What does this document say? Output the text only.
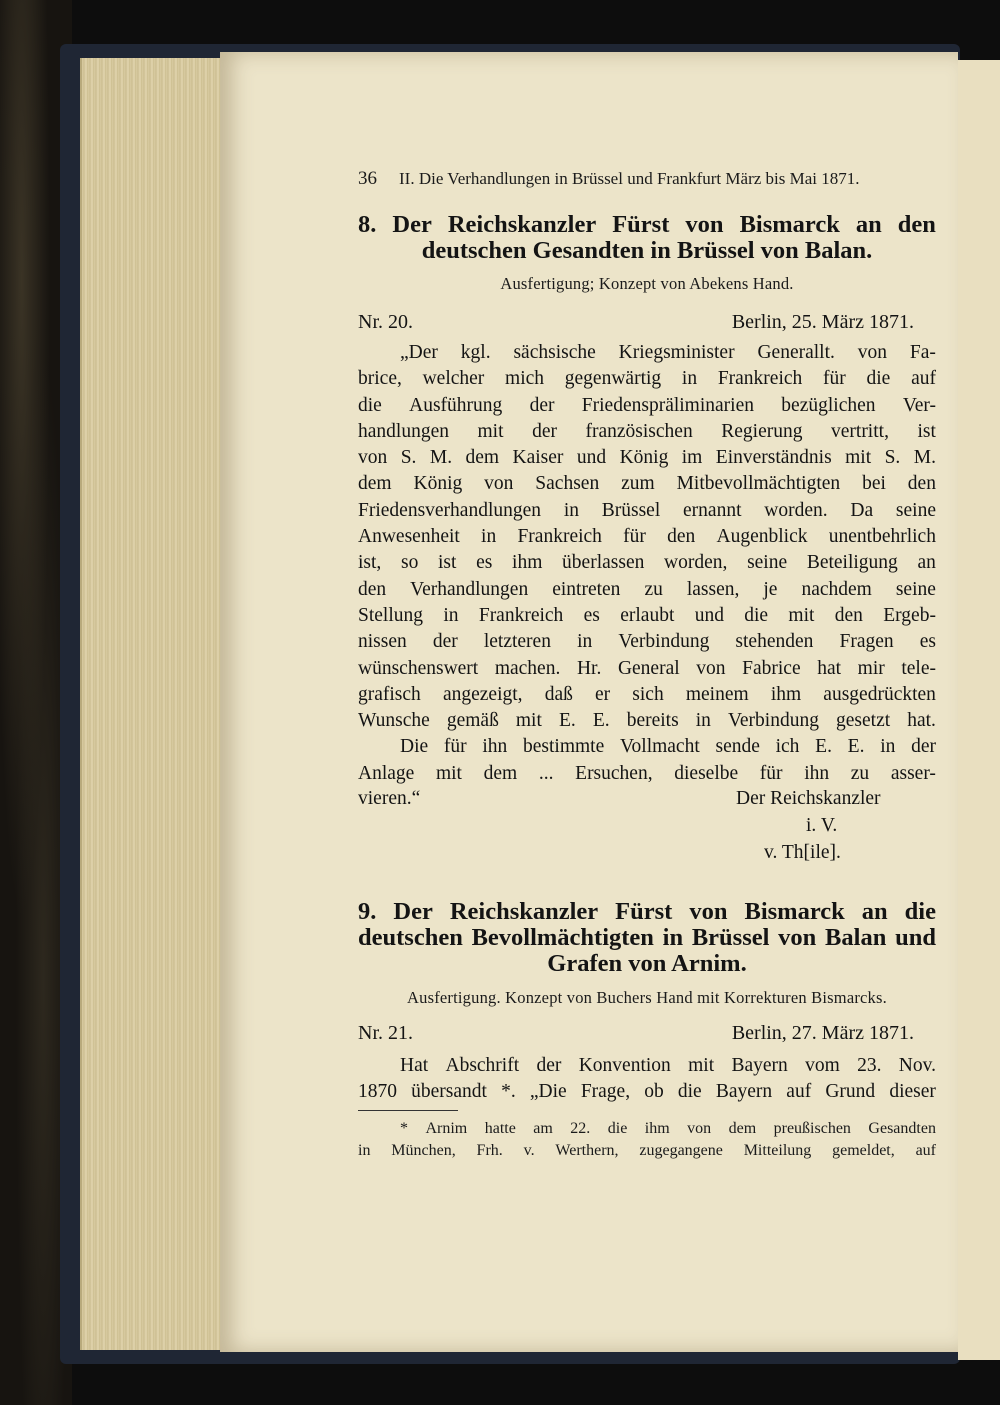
36 II. Die Verhandlungen in Brüssel und Frankfurt März bis Mai 1871.
8. Der Reichskanzler Fürst von Bismarck an den
deutschen Gesandten in Brüssel von Balan.
Ausfertigung; Konzept von Abekens Hand.
Nr. 20.	Berlin, 25. März 1871.
„Der kgl. sächsische Kriegsminister Generallt. von Fa-
brice, welcher mich gegenwärtig in Frankreich für die auf
die Ausführung der Friedenspräliminarien bezüglichen Ver-
handlungen mit der französischen Regierung vertritt, ist
von S. M. dem Kaiser und König im Einverständnis mit S. M.
dem König von Sachsen zum Mitbevollmächtigten bei den
Friedensverhandlungen in Brüssel ernannt worden. Da seine
Anwesenheit in Frankreich für den Augenblick unentbehrlich
ist, so ist es ihm überlassen worden, seine Beteiligung an
den Verhandlungen eintreten zu lassen, je nachdem seine
Stellung in Frankreich es erlaubt und die mit den Ergeb-
nissen der letzteren in Verbindung stehenden Fragen es
wünschenswert machen. Hr. General von Fabrice hat mir tele-
grafisch angezeigt, daß er sich meinem ihm ausgedrückten
Wunsche gemäß mit E. E. bereits in Verbindung gesetzt hat.
Die für ihn bestimmte Vollmacht sende ich E. E. in der
Anlage mit dem ... Ersuchen, dieselbe für ihn zu asser-
vieren.“	Der Reichskanzler
i. V.
v. Th[ile].
9. Der Reichskanzler Fürst von Bismarck an die
deutschen Bevollmächtigten in Brüssel von Balan und
Grafen von Arnim.
Ausfertigung. Konzept von Buchers Hand mit Korrekturen Bismarcks.
Nr. 21.	Berlin, 27. März 1871.
Hat Abschrift der Konvention mit Bayern vom 23. Nov.
1870 übersandt *. „Die Frage, ob die Bayern auf Grund dieser
* Arnim hatte am 22. die ihm von dem preußischen Gesandten
in München, Frh. v. Werthern, zugegangene Mitteilung gemeldet, auf
